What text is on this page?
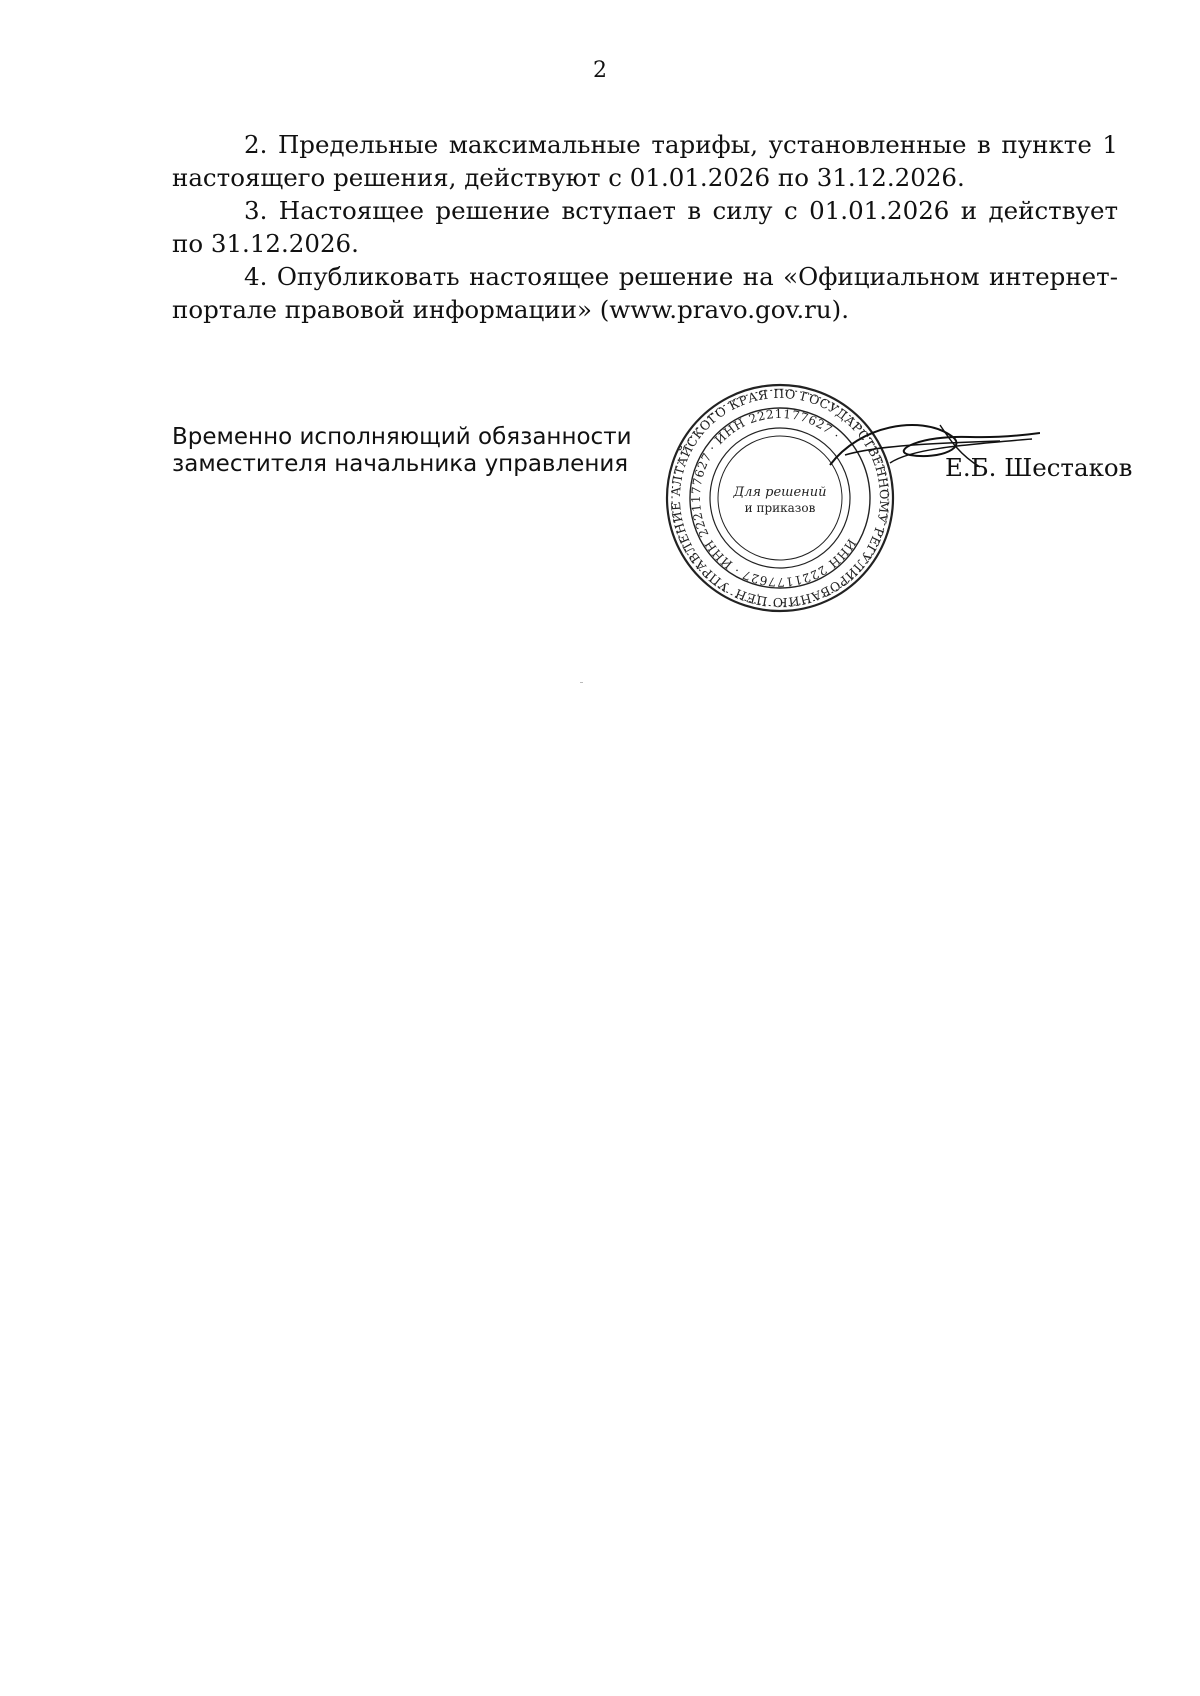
2

2. Предельные максимальные тарифы, установленные в пункте 1 настоящего решения, действуют с 01.01.2026 по 31.12.2026.

3. Настоящее решение вступает в силу с 01.01.2026 и действует по 31.12.2026.

4. Опубликовать настоящее решение на «Официальном интернет-портале правовой информации» (www.pravo.gov.ru).

Временно исполняющий обязанности
заместителя начальника управления
УПРАВЛЕНИЕ АЛТАЙСКОГО КРАЯ ПО ГОСУДАРСТВЕННОМУ РЕГУЛИРОВАНИЮ ЦЕН
ИНН 2221177627 · ИНН 2221177627 · ИНН 2221177627 ·
Для решений
и приказов
Е.Б. Шестаков
